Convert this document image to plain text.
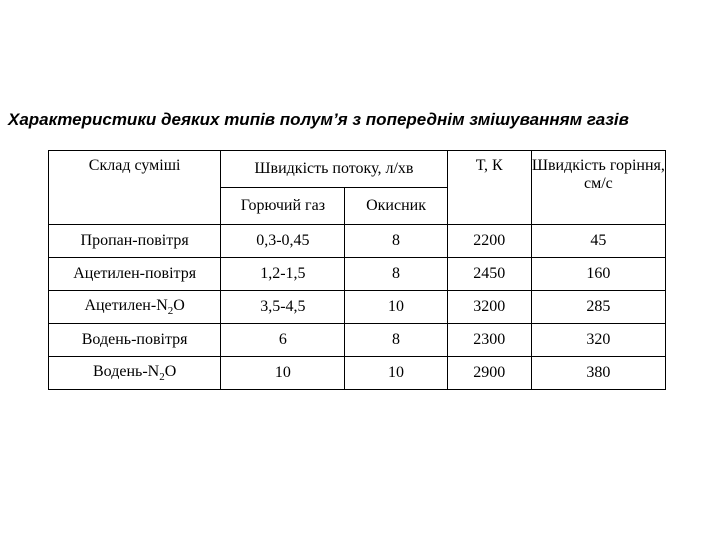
Характеристики деяких типів полум’я з попереднім змішуванням газів
Склад суміші	Швидкість потоку, л/хв		Т, К	Швидкість горіння, см/с
	Горючий газ	Окисник		
Пропан-повітря	0,3-0,45	8	2200	45
Ацетилен-повітря	1,2-1,5	8	2450	160
Ацетилен-$N_2O$	3,5-4,5	10	3200	285
Водень-повітря	6	8	2300	320
Водень-$N_2O$	10	10	2900	380
